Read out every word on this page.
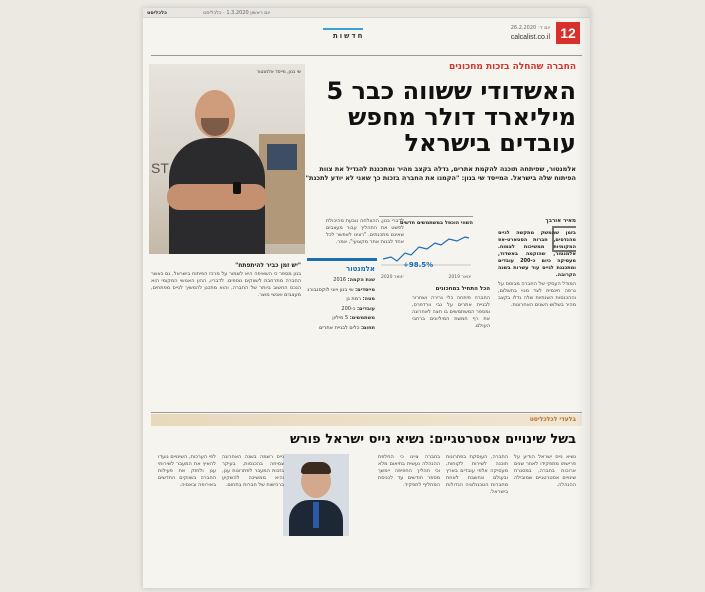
כלכליסט	יום ראשון 1.3.2020 · כלכליסט
12
יום ד׳ 26.2.2020
calcalist.co.il
חדשות
החברה שהחלה בזכות מחכונים
האשדודי ששווה כבר 5 מיליארד דולר מחפש עובדים בישראל
אלמנטור, שפיתחה תוכנה להקמת אתרים, גדלה בקצב מהיר ומתכננת להגדיל את צוות הפיתוח שלה בישראל. המייסד שי בנון: "הקמנו את החברה בזכות כך שאני לא יודע לתכנת"
ST
שי בנון, מייסד אלמנטור
מאיר אורבך

בזמן שהמשק מתקשה לגייס מהנדסים, חברות הסטארט-אפ המקומיות ממשיכות לצמוח. אלמנטור, שהוקמה באשדוד, מעסיקה כיום כ-200 עובדים ומתכננת לגייס עוד עשרות בשנה הקרובה.

המודל העסקי של החברה מבוסס על גרסה חינמית לצד מנוי בתשלום, וההכנסות השנתיות שלה גדלו בקצב מהיר בשלוש השנים האחרונות.

הכל התחיל במחכונים

החברה פיתחה כלי גרירה ושחרור לבניית אתרים על גבי וורדפרס, ומספר המשתמשים בו חצה לאחרונה את רף חמשת המיליונים ברחבי העולם.

לדברי בנון, ההצלחה נובעת מהיכולת לפשט את התהליך עבור מעצבים שאינם מתכנתים. "רצינו לאפשר לכל אחד לבנות אתר מקצועי", אמר.

השווי הוכפל במשתמשים חדשים
+98.5%
ינואר 2019
ינואר 2020
אלמנטור
שנת הקמה: 2016
מייסדים: שי בנון ויוני לוקסנבורג
מטה: רמת גן
עובדים: כ-200
משתמשים: 5 מיליון
תחום: כלים לבניית אתרים

"יש זמן כביר להיתפתח"

בנון מספר כי השאיפה היא לשמור על מרכז הפיתוח בישראל, גם כאשר החברה מתרחבת לשווקים נוספים. לדבריו, ההון האנושי המקומי הוא הנכס החשוב ביותר של החברה, והוא מתכנן להמשיך לגייס מפתחים, מעצבים ואנשי מוצר.

בלעדי לכלכליסט
בשל שינויים אסטרטגיים: נשיא נייס ישראל פורש

נשיא נייס ישראל הודיע על פרישתו מתפקידו לאחר שנים ארוכות בחברה, במסגרת שינויים אסטרטגיים שמובילה ההנהלה.

החברה, העוסקת בפתרונות תוכנה לשירות לקוחות, מעסיקה אלפי עובדים בארץ ובעולם ונחשבת לאחת מחברות הטכנולוגיה הגדולות בישראל.

בחברה ציינו כי החלפת ההנהלה נעשית בתיאום מלא וכי תהליך החפיפה יימשך מספר חודשים עד לכניסת המחליף לתפקיד.

נייס רשמה בשנה האחרונה צמיחה בהכנסות, בעיקר בזכות המעבר לפתרונות ענן, והיא ממשיכה להשקיע ברכישות של חברות בתחום.

לפי הערכות, השינויים נועדו להאיץ את המעבר לשירותי ענן ולחזק את פעילות החברה בשווקים החדשים באירופה ובאסיה.
